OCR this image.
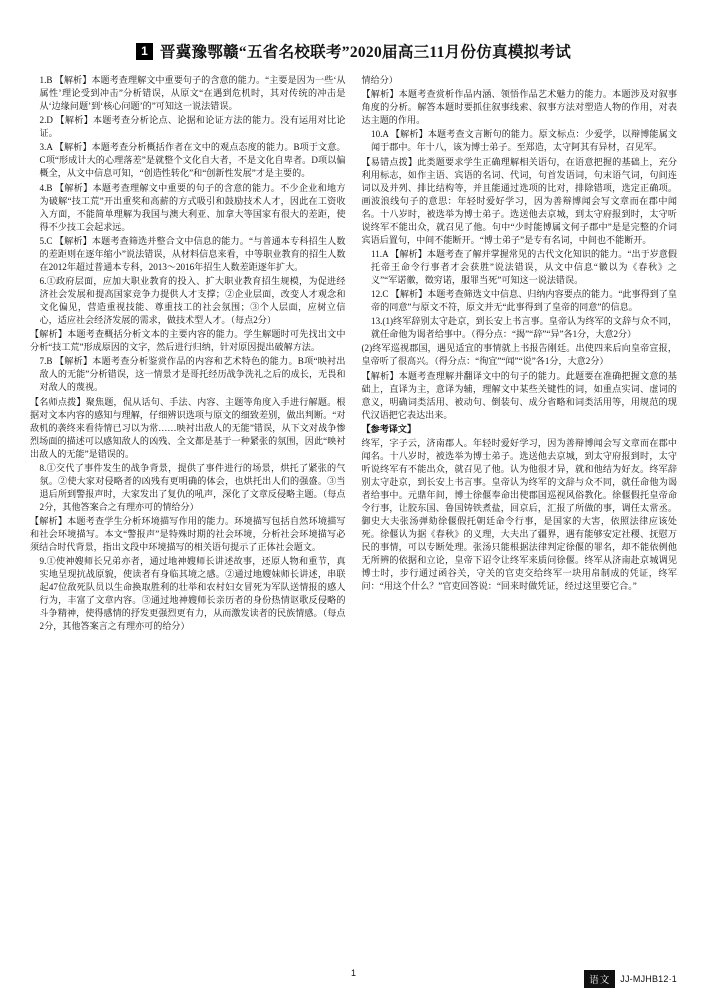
1 晋冀豫鄂赣“五省名校联考”2020届高三11月份仿真模拟考试

1.B 【解析】本题考查理解文中重要句子的含意的能力。“主要是因为一些‘从属性’理论受到冲击”分析错误，从原文“在遇到危机时，其对传统的冲击是从‘边缘问题’到‘核心问题’的”可知这一说法错误。

2.D 【解析】本题考查分析论点、论据和论证方法的能力。没有运用对比论证。

3.A 【解析】本题考查分析概括作者在文中的观点态度的能力。B项于文意。C项“形成计大的心理落差”是就整个文化自大者，不是文化自卑者。D项以偏概全，从文中信息可知，“创造性转化”和“创新性发展”才是主要的。

4.B 【解析】本题考查理解文中重要的句子的含意的能力。不少企业和地方为破解“技工荒”开出重奖和高薪的方式吸引和鼓励技术人才，因此在工资收入方面，不能简单理解为我国与澳大利亚、加拿大等国家有很大的差距，使得不少技工会起求远。

5.C 【解析】本题考查筛选并整合文中信息的能力。“与普通本专科招生人数的差距则在逐年缩小”说法错误，从材料信息来看，中等职业教育的招生人数在2012年超过普通本专科，2013～2016年招生人数差距逐年扩大。

6.①政府层面，应加大职业教育的投入、扩大职业教育招生规模，为促进经济社会发展和提高国家竞争力提供人才支撑；②企业层面，改变人才观念和文化偏见，营造重视技能、尊重技工的社会氛围；③个人层面，应树立信心，适应社会经济发展的需求，做技术型人才。（每点2分）

【解析】本题考查概括分析文本的主要内容的能力。学生解题时可先找出文中分析“技工荒”形成原因的文字，然后进行归纳，针对原因提出破解方法。

7.B 【解析】本题考查分析鉴赏作品的内容和艺术特色的能力。B项“映衬出敌人的无能”分析错误，这一情景才是哥托经历战争洗礼之后的成长，无畏和对敌人的蔑视。

【名师点拨】聚焦题，侃从话句、手法、内容、主题等角度入手进行解题。根据对文本内容的感知与理解，仔细辨识选项与原文的细致差别，做出判断。“对敌机的袭终来看待情已习以为常……映衬出敌人的无能”错误，从下文对战争惨烈场面的描述可以感知敌人的凶残、全文都是基于一种紧张的氛围，因此“映衬出敌人的无能”是错误的。

8.①交代了事件发生的战争背景，提供了事件进行的场景，烘托了紧张的气氛。②使大家对侵略者的凶残有更明确的体会，也烘托出人们的强盛。③当退后所到警报声时，大家发出了复仇的吼声，深化了文章反侵略主题。（每点2分，其他答案合之有理亦可的情给分）

【解析】本题考查学生分析环境描写作用的能力。环境描写包括自然环境描写和社会环境描写。本文“警报声”是特殊时期的社会环境，分析社会环境描写必须结合时代背景，指出文段中环境描写的相关语句提示了正体社会题文。

9.①使神嫂师长兄弟亦者，通过地神嫂师长讲述故事，还原人物和重节，真实地呈现抗战原貌，使读者有身临其境之感。②通过地嫂妹师长讲述，串联起47位敌死队员以生命换取胜利的壮举和农村妇女冒死为军队送情报的感人行为，丰富了文章内容。③通过地神嫂师长亲历者的身份热情讴歌反侵略的斗争精神，使得感情的抒发更强烈更有力，从而激发读者的民族情感。（每点2分，其他答案言之有理亦可的给分）

情给分）

【解析】本题考查赏析作品内涵、领悟作品艺术魅力的能力。本题涉及对叙事角度的分析。解答本题时要抓住叙事线索、叙事方法对塑造人物的作用，对表达主题的作用。

10.A 【解析】本题考查文言断句的能力。原文标点：少爱学，以辩博能属文闻于郡中。年十八，该为博士弟子。至郑造，太守阿其有异材，召见军。

【易错点拨】此类题要求学生正确理解相关语句，在语意把握的基础上，充分利用标志，如作主语、宾语的名词、代词，句首发语词，句末语气词，句间连词以及并列、排比结构等，并且能通过选项的比对，排除错项，选定正确项。画波浪线句子的意思：年轻时爱好学习，因为善辩博闻会写文章而在郡中闻名。十八岁时，被选举为博士弟子。选送他去京城，到太守府报到时，太守听说终军不能出众，就召见了他。句中“少时能博属文何子郡中”是是完整的介词宾语后置句，中间不能断开。“博士弟子”是专有名词，中间也不能断开。

11.A 【解析】本题考查了解并掌握常见的古代文化知识的能力。“出于岁意假托帝王命令行事者才会获胜”说法错误，从文中信息“徽以为《春秋》之义”“军诺徽，徵穷诺，服罪当死”可知这一说法错误。

12.C 【解析】本题考查筛选文中信息、归纳内容要点的能力。“此事得到了皇帝的同意”与原文不符，原文并无“此事得到了皇帝的同意”的信息。

13.(1)终军辞别太守赴京，到长安上书言事。皇帝认为终军的文辞与众不同，就任命他为谒者给事中。（得分点：“揭”“辞”“异”各1分，大意2分）

(2)终军巡视郡国，遇见适宜的事情就上书报告刚廷。出使四来后向皇帝宣报，皇帝听了很高兴。（得分点：“徇宜”“闻”“说”各1分，大意2分）

【解析】本题考查理解并翻译文中的句子的能力。此题要在准确把握文意的基础上，直译为主，意译为辅，理解文中某些关键性的词，如重点实词、虚词的意义，明确词类活用、被动句、倒装句、成分省略和词类活用等，用规范的现代汉语把它表达出来。

【参考译文】

终军，字子云，济南郡人。年轻时爱好学习，因为善辩博闻会写文章而在郡中闻名。十八岁时，被选举为博士弟子。选送他去京城，到太守府报到时，太守听说终军有不能出众，就召见了他。认为他很才异，就和他结为好友。终军辞别太守赴京，到长安上书言事。皇帝认为终军的文辞与众不同，就任命他为谒者给事中。元鼎年间，博士徐偃奉命出使郡国巡视风俗教化。徐偃假托皇帝命令行事，让胶东国、鲁国铸铁煮盐，回京后，汇报了所做的事，调任太常丞。御史大夫张汤弹劾徐偃假托朝廷命令行事，是国家的大害，依照法律应该处死。徐偃认为据《春秋》的义理，大夫出了疆界，遇有能够安定社稷、抚慰万民的事情，可以专断处理。张汤只能根据法律判定徐偃的罪名，却不能依例他无所辨的依据和立论，皇帝下诏令让终军来质问徐偃。终军从济南赴京城调见博士时，步行通过函谷关，守关的官吏交给终军一块用帛制成的凭证，终军问：“用这个什么？”官吏回答说：“回来时做凭证，经过这里要它合。”

1
语文	JJ-MJHB12·1
